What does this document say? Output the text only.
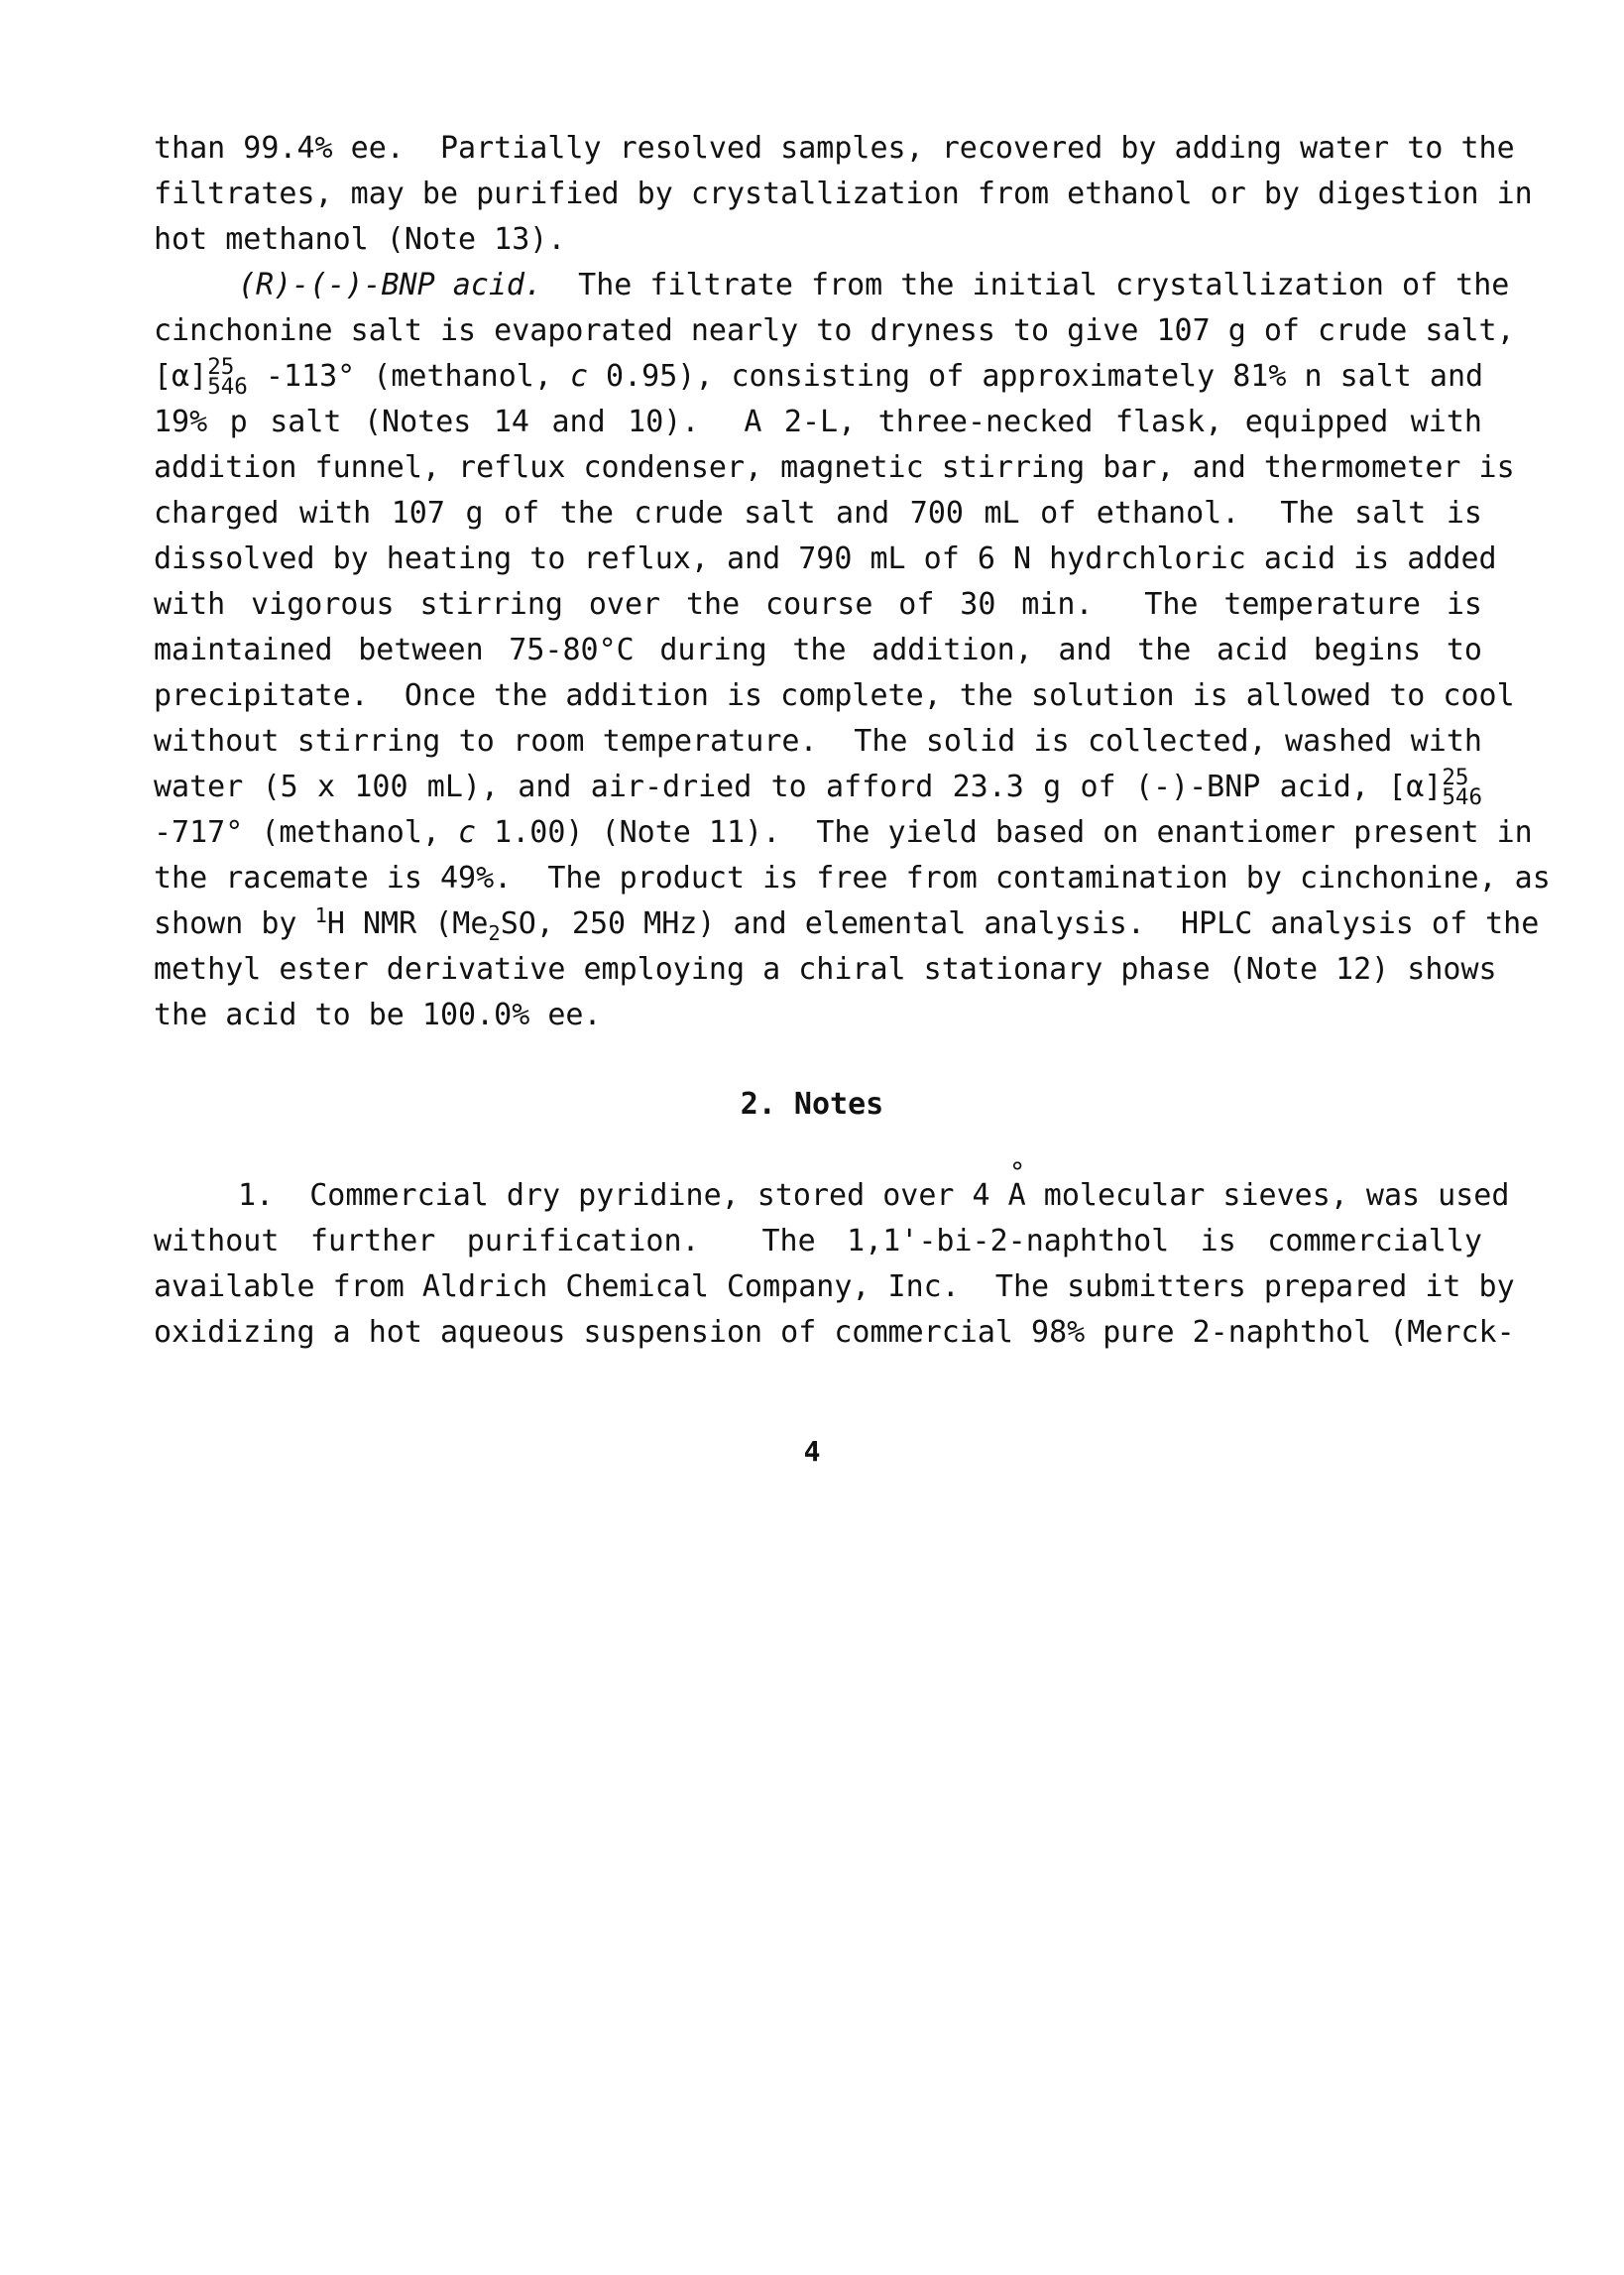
than 99.4% ee.  Partially resolved samples, recovered by adding water to the
filtrates, may be purified by crystallization from ethanol or by digestion in
hot methanol (Note 13).
(R)-(-)-BNP acid.  The filtrate from the initial crystallization of the
cinchonine salt is evaporated nearly to dryness to give 107 g of crude salt,
[α] 25
546 -113° (methanol, c 0.95), consisting of approximately 81% n salt and
19% p salt (Notes 14 and 10).  A 2-L, three-necked flask, equipped with
addition funnel, reflux condenser, magnetic stirring bar, and thermometer is
charged with 107 g of the crude salt and 700 mL of ethanol.  The salt is
dissolved by heating to reflux, and 790 mL of 6 N hydrchloric acid is added
with vigorous stirring over the course of 30 min.  The temperature is
maintained between 75-80°C during the addition, and the acid begins to
precipitate.  Once the addition is complete, the solution is allowed to cool
without stirring to room temperature.  The solid is collected, washed with
water (5 x 100 mL), and air-dried to afford 23.3 g of (-)-BNP acid, [α] 25
546
-717° (methanol, c 1.00) (Note 11).  The yield based on enantiomer present in
the racemate is 49%.  The product is free from contamination by cinchonine, as
shown by $^1$H NMR ($Me_2SO$, 250 MHz) and elemental analysis.  HPLC analysis of the
methyl ester derivative employing a chiral stationary phase (Note 12) shows
the acid to be 100.0% ee.
2. Notes
1.  Commercial dry pyridine, stored over 4 ° A molecular sieves, was used
without further purification.  The 1,1'-bi-2-naphthol is commercially
available from Aldrich Chemical Company, Inc.  The submitters prepared it by
oxidizing a hot aqueous suspension of commercial 98% pure 2-naphthol (Merck-
4
